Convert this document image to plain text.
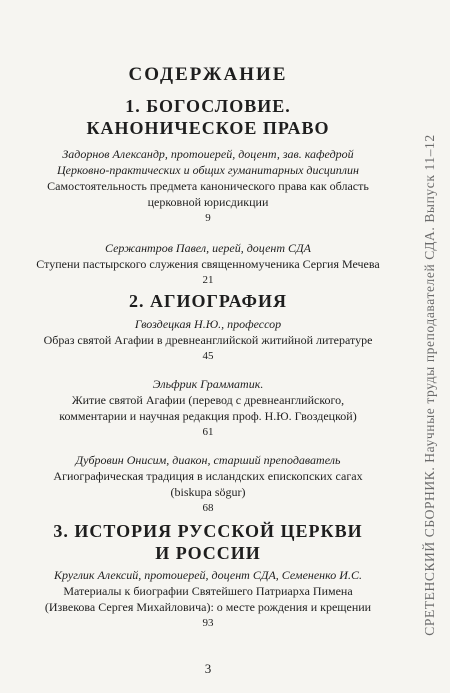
СОДЕРЖАНИЕ
1. БОГОСЛОВИЕ.
КАНОНИЧЕСКОЕ ПРАВО
Задорнов Александр, протоиерей, доцент, зав. кафедрой
Церковно-практических и общих гуманитарных дисциплин
Самостоятельность предмета канонического права как область
церковной юрисдикции
9
Сержантров Павел, иерей, доцент СДА
Ступени пастырского служения священномученика Сергия Мечева
21
2. АГИОГРАФИЯ
Гвоздецкая Н.Ю., профессор
Образ святой Агафии в древнеанглийской житийной литературе
45
Эльфрик Грамматик.
Житие святой Агафии (перевод с древнеанглийского,
комментарии и научная редакция проф. Н.Ю. Гвоздецкой)
61
Дубровин Онисим, диакон, старший преподаватель
Агиографическая традиция в исландских епископских сагах
(biskupa sögur)
68
3. ИСТОРИЯ РУССКОЙ ЦЕРКВИ
И РОССИИ
Круглик Алексий, протоиерей, доцент СДА, Семененко И.С.
Материалы к биографии Святейшего Патриарха Пимена
(Извекова Сергея Михайловича): о месте рождения и крещении
93
3
СРЕТЕНСКИЙ СБОРНИК. Научные труды преподавателей СДА. Выпуск 11–12
